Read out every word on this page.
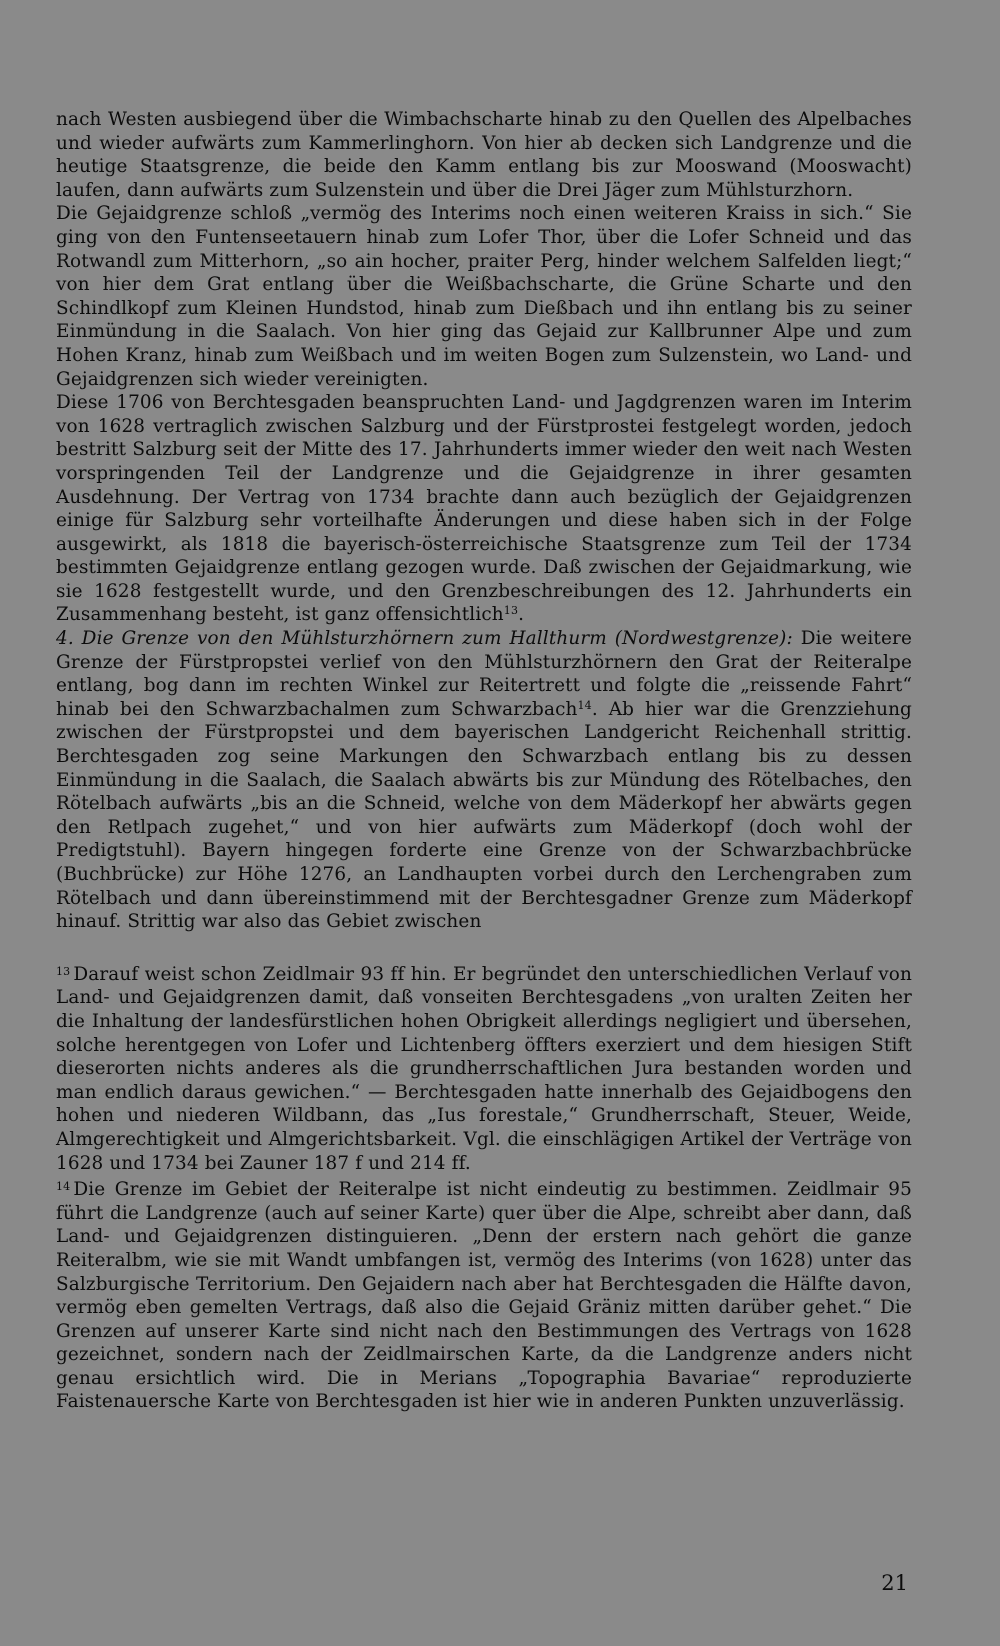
nach Westen ausbiegend über die Wimbachscharte hinab zu den Quellen des Alpelbaches und wieder aufwärts zum Kammerlinghorn. Von hier ab decken sich Landgrenze und die heutige Staatsgrenze, die beide den Kamm entlang bis zur Mooswand (Mooswacht) laufen, dann aufwärts zum Sulzenstein und über die Drei Jäger zum Mühlsturzhorn.

Die Gejaidgrenze schloß „vermög des Interims noch einen weiteren Kraiss in sich.“ Sie ging von den Funtenseetauern hinab zum Lofer Thor, über die Lofer Schneid und das Rotwandl zum Mitterhorn, „so ain hocher, praiter Perg, hinder welchem Salfelden liegt;“ von hier dem Grat entlang über die Weißbachscharte, die Grüne Scharte und den Schindlkopf zum Kleinen Hundstod, hinab zum Dießbach und ihn entlang bis zu seiner Einmündung in die Saalach. Von hier ging das Gejaid zur Kallbrunner Alpe und zum Hohen Kranz, hinab zum Weißbach und im weiten Bogen zum Sulzenstein, wo Land- und Gejaidgrenzen sich wieder vereinigten.

Diese 1706 von Berchtesgaden beanspruchten Land- und Jagdgrenzen waren im Interim von 1628 vertraglich zwischen Salzburg und der Fürstprostei festgelegt worden, jedoch bestritt Salzburg seit der Mitte des 17. Jahrhunderts immer wieder den weit nach Westen vorspringenden Teil der Landgrenze und die Gejaidgrenze in ihrer gesamten Ausdehnung. Der Vertrag von 1734 brachte dann auch bezüglich der Gejaidgrenzen einige für Salzburg sehr vorteilhafte Änderungen und diese haben sich in der Folge ausgewirkt, als 1818 die bayerisch-österreichische Staatsgrenze zum Teil der 1734 bestimmten Gejaidgrenze entlang gezogen wurde. Daß zwischen der Gejaidmarkung, wie sie 1628 festgestellt wurde, und den Grenzbeschreibungen des 12. Jahrhunderts ein Zusammenhang besteht, ist ganz offensichtlich$^{13}$.

4. Die Grenze von den Mühlsturzhörnern zum Hallthurm (Nordwestgrenze): Die weitere Grenze der Fürstpropstei verlief von den Mühlsturzhörnern den Grat der Reiteralpe entlang, bog dann im rechten Winkel zur Reitertrett und folgte die „reissende Fahrt“ hinab bei den Schwarzbachalmen zum Schwarzbach$^{14}$. Ab hier war die Grenzziehung zwischen der Fürstpropstei und dem bayerischen Landgericht Reichenhall strittig. Berchtesgaden zog seine Markungen den Schwarzbach entlang bis zu dessen Einmündung in die Saalach, die Saalach abwärts bis zur Mündung des Rötelbaches, den Rötelbach aufwärts „bis an die Schneid, welche von dem Mäderkopf her abwärts gegen den Retlpach zugehet,“ und von hier aufwärts zum Mäderkopf (doch wohl der Predigtstuhl). Bayern hingegen forderte eine Grenze von der Schwarzbachbrücke (Buchbrücke) zur Höhe 1276, an Landhaupten vorbei durch den Lerchengraben zum Rötelbach und dann übereinstimmend mit der Berchtesgadner Grenze zum Mäderkopf hinauf. Strittig war also das Gebiet zwischen

$^{13}$ Darauf weist schon Zeidlmair 93 ff hin. Er begründet den unterschiedlichen Verlauf von Land- und Gejaidgrenzen damit, daß vonseiten Berchtesgadens „von uralten Zeiten her die Inhaltung der landesfürstlichen hohen Obrigkeit allerdings negligiert und übersehen, solche herentgegen von Lofer und Lichtenberg öffters exerziert und dem hiesigen Stift dieserorten nichts anderes als die grundherrschaftlichen Jura bestanden worden und man endlich daraus gewichen.“ — Berchtesgaden hatte innerhalb des Gejaidbogens den hohen und niederen Wildbann, das „Ius forestale,“ Grundherrschaft, Steuer, Weide, Almgerechtigkeit und Almgerichtsbarkeit. Vgl. die einschlägigen Artikel der Verträge von 1628 und 1734 bei Zauner 187 f und 214 ff.

$^{14}$ Die Grenze im Gebiet der Reiteralpe ist nicht eindeutig zu bestimmen. Zeidlmair 95 führt die Landgrenze (auch auf seiner Karte) quer über die Alpe, schreibt aber dann, daß Land- und Gejaidgrenzen distinguieren. „Denn der erstern nach gehört die ganze Reiteralbm, wie sie mit Wandt umbfangen ist, vermög des Interims (von 1628) unter das Salzburgische Territorium. Den Gejaidern nach aber hat Berchtesgaden die Hälfte davon, vermög eben gemelten Vertrags, daß also die Gejaid Gräniz mitten darüber gehet.“ Die Grenzen auf unserer Karte sind nicht nach den Bestimmungen des Vertrags von 1628 gezeichnet, sondern nach der Zeidlmairschen Karte, da die Landgrenze anders nicht genau ersichtlich wird. Die in Merians „Topographia Bavariae“ reproduzierte Faistenauersche Karte von Berchtesgaden ist hier wie in anderen Punkten unzuverlässig.

21
